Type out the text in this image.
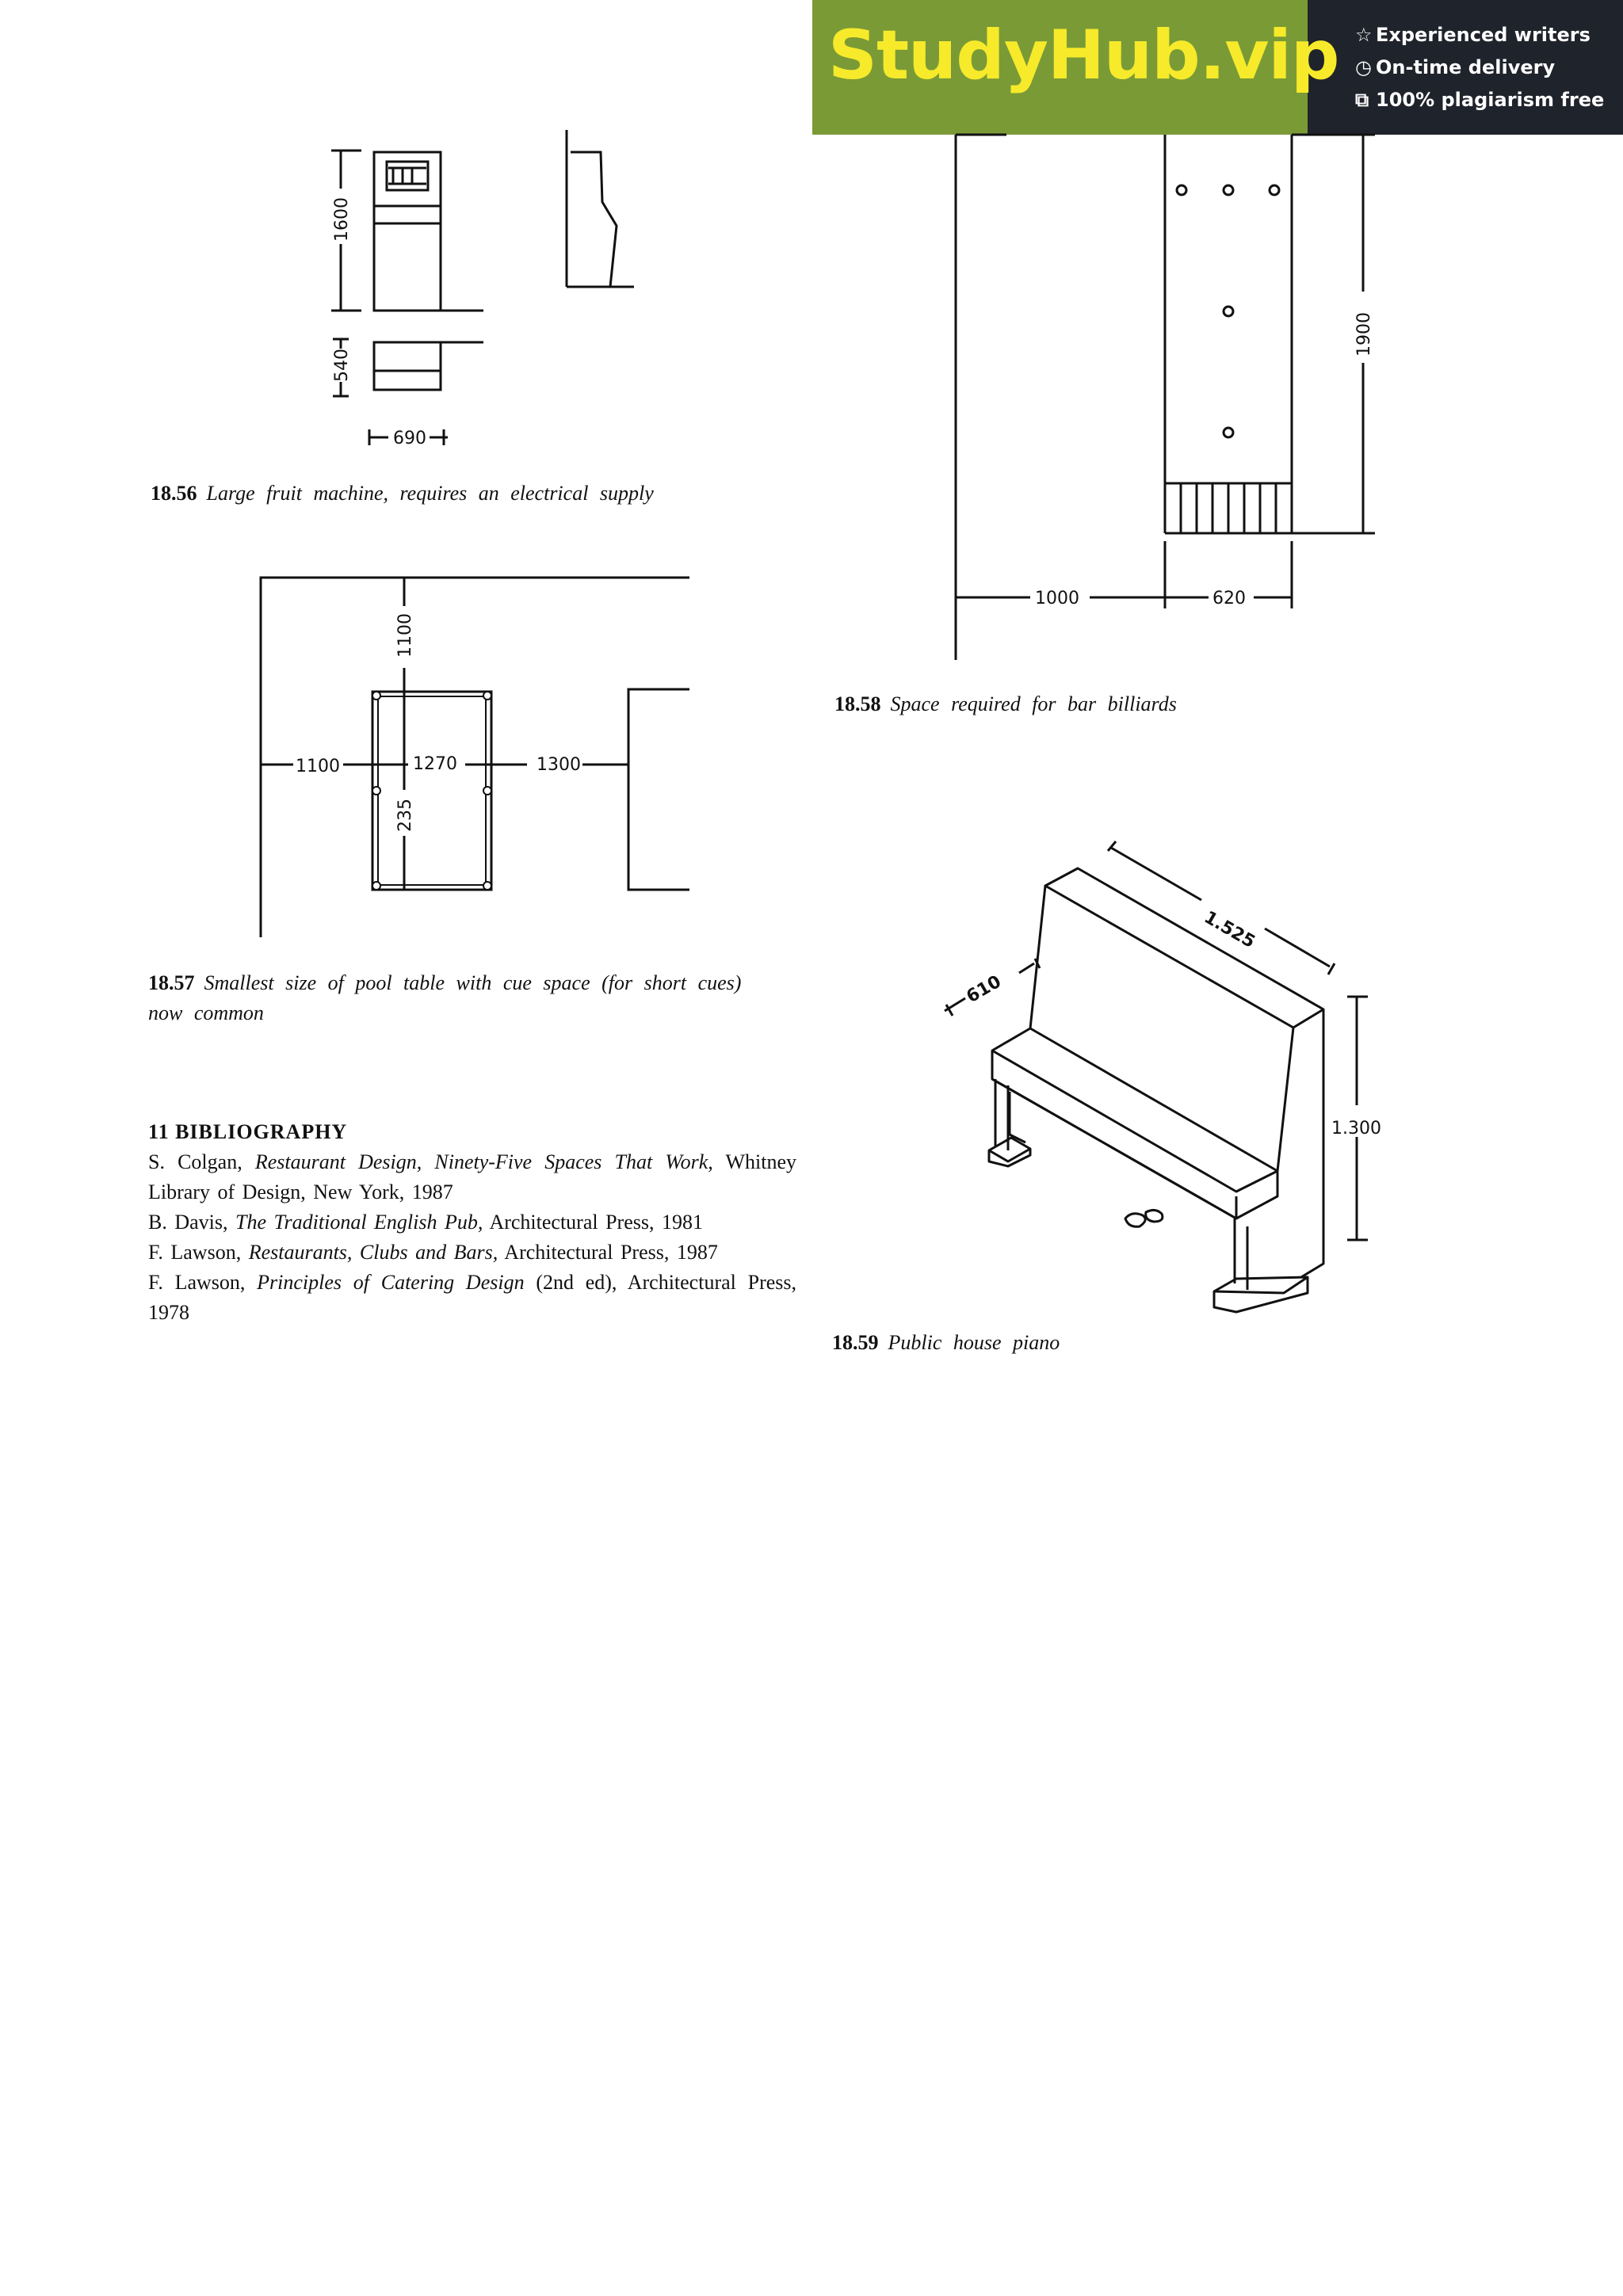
StudyHub.vip ☆ Experienced writers
◷ On-time delivery
⧉ 100% plagiarism free
1600
540
690
18.56 Large fruit machine, requires an electrical supply
1100
1100	1270	1300
235
18.57 Smallest size of pool table with cue space (for short cues) now common
11 BIBLIOGRAPHY

S. Colgan, Restaurant Design, Ninety-Five Spaces That Work, Whitney Library of Design, New York, 1987

B. Davis, The Traditional English Pub, Architectural Press, 1981

F. Lawson, Restaurants, Clubs and Bars, Architectural Press, 1987

F. Lawson, Principles of Catering Design (2nd ed), Architectural Press, 1978

1900
1000	620
18.58 Space required for bar billiards
1.525
610
1.300
18.59 Public house piano
